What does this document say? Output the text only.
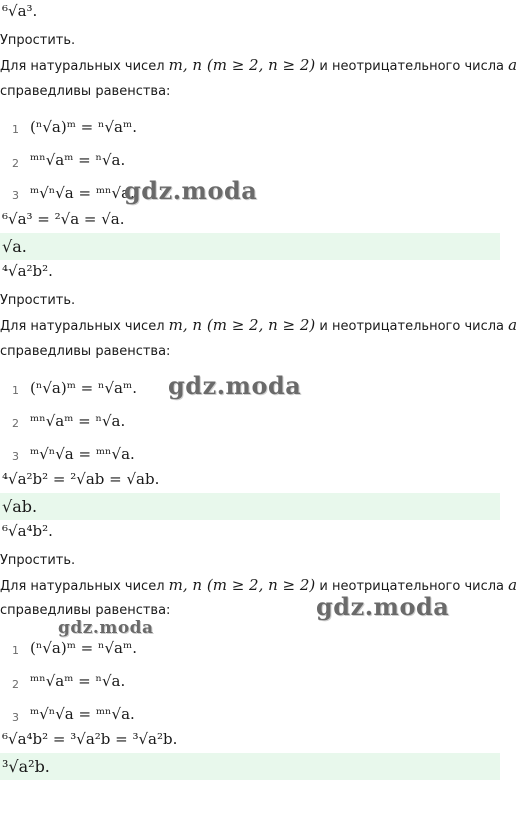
⁶√a³.
Упростить.
Для натуральных чисел m, n (m ≥ 2, n ≥ 2) и неотрицательного числа a
справедливы равенства:
1 (ⁿ√a)ᵐ = ⁿ√aᵐ.
2 ᵐⁿ√aᵐ = ⁿ√a.
3 ᵐ√ⁿ√a = ᵐⁿ√a.
gdz.moda
⁶√a³ = ²√a = √a.
√a.
⁴√a²b².
Упростить.
Для натуральных чисел m, n (m ≥ 2, n ≥ 2) и неотрицательного числа a
справедливы равенства:
1 (ⁿ√a)ᵐ = ⁿ√aᵐ.
2 ᵐⁿ√aᵐ = ⁿ√a.
3 ᵐ√ⁿ√a = ᵐⁿ√a.
gdz.moda
⁴√a²b² = ²√ab = √ab.
√ab.
⁶√a⁴b².
Упростить.
Для натуральных чисел m, n (m ≥ 2, n ≥ 2) и неотрицательного числа a
справедливы равенства:	gdz.moda
gdz.moda
1 (ⁿ√a)ᵐ = ⁿ√aᵐ.
2 ᵐⁿ√aᵐ = ⁿ√a.
3 ᵐ√ⁿ√a = ᵐⁿ√a.
⁶√a⁴b² = ³√a²b = ³√a²b.
³√a²b.
